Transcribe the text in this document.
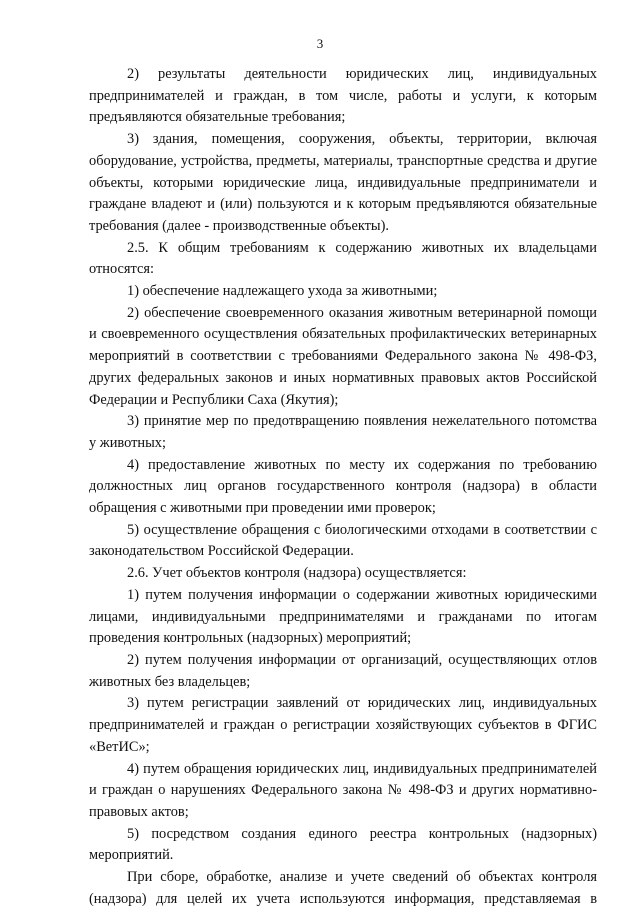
3

2) результаты деятельности юридических лиц, индивидуальных предпринимателей и граждан, в том числе, работы и услуги, к которым предъявляются обязательные требования;

3) здания, помещения, сооружения, объекты, территории, включая оборудование, устройства, предметы, материалы, транспортные средства и другие объекты, которыми юридические лица, индивидуальные предприниматели и граждане владеют и (или) пользуются и к которым предъявляются обязательные требования (далее - производственные объекты).

2.5. К общим требованиям к содержанию животных их владельцами относятся:

1) обеспечение надлежащего ухода за животными;

2) обеспечение своевременного оказания животным ветеринарной помощи и своевременного осуществления обязательных профилактических ветеринарных мероприятий в соответствии с требованиями Федерального закона № 498-ФЗ, других федеральных законов и иных нормативных правовых актов Российской Федерации и Республики Саха (Якутия);

3) принятие мер по предотвращению появления нежелательного потомства у животных;

4) предоставление животных по месту их содержания по требованию должностных лиц органов государственного контроля (надзора) в области обращения с животными при проведении ими проверок;

5) осуществление обращения с биологическими отходами в соответствии с законодательством Российской Федерации.

2.6. Учет объектов контроля (надзора) осуществляется:

1) путем получения информации о содержании животных юридическими лицами, индивидуальными предпринимателями и гражданами по итогам проведения контрольных (надзорных) мероприятий;

2) путем получения информации от организаций, осуществляющих отлов животных без владельцев;

3) путем регистрации заявлений от юридических лиц, индивидуальных предпринимателей и граждан о регистрации хозяйствующих субъектов в ФГИС «ВетИС»;

4) путем обращения юридических лиц, индивидуальных предпринимателей и граждан о нарушениях Федерального закона № 498-ФЗ и других нормативно-правовых актов;

5) посредством создания единого реестра контрольных (надзорных) мероприятий.

При сборе, обработке, анализе и учете сведений об объектах контроля (надзора) для целей их учета используются информация, представляемая в
